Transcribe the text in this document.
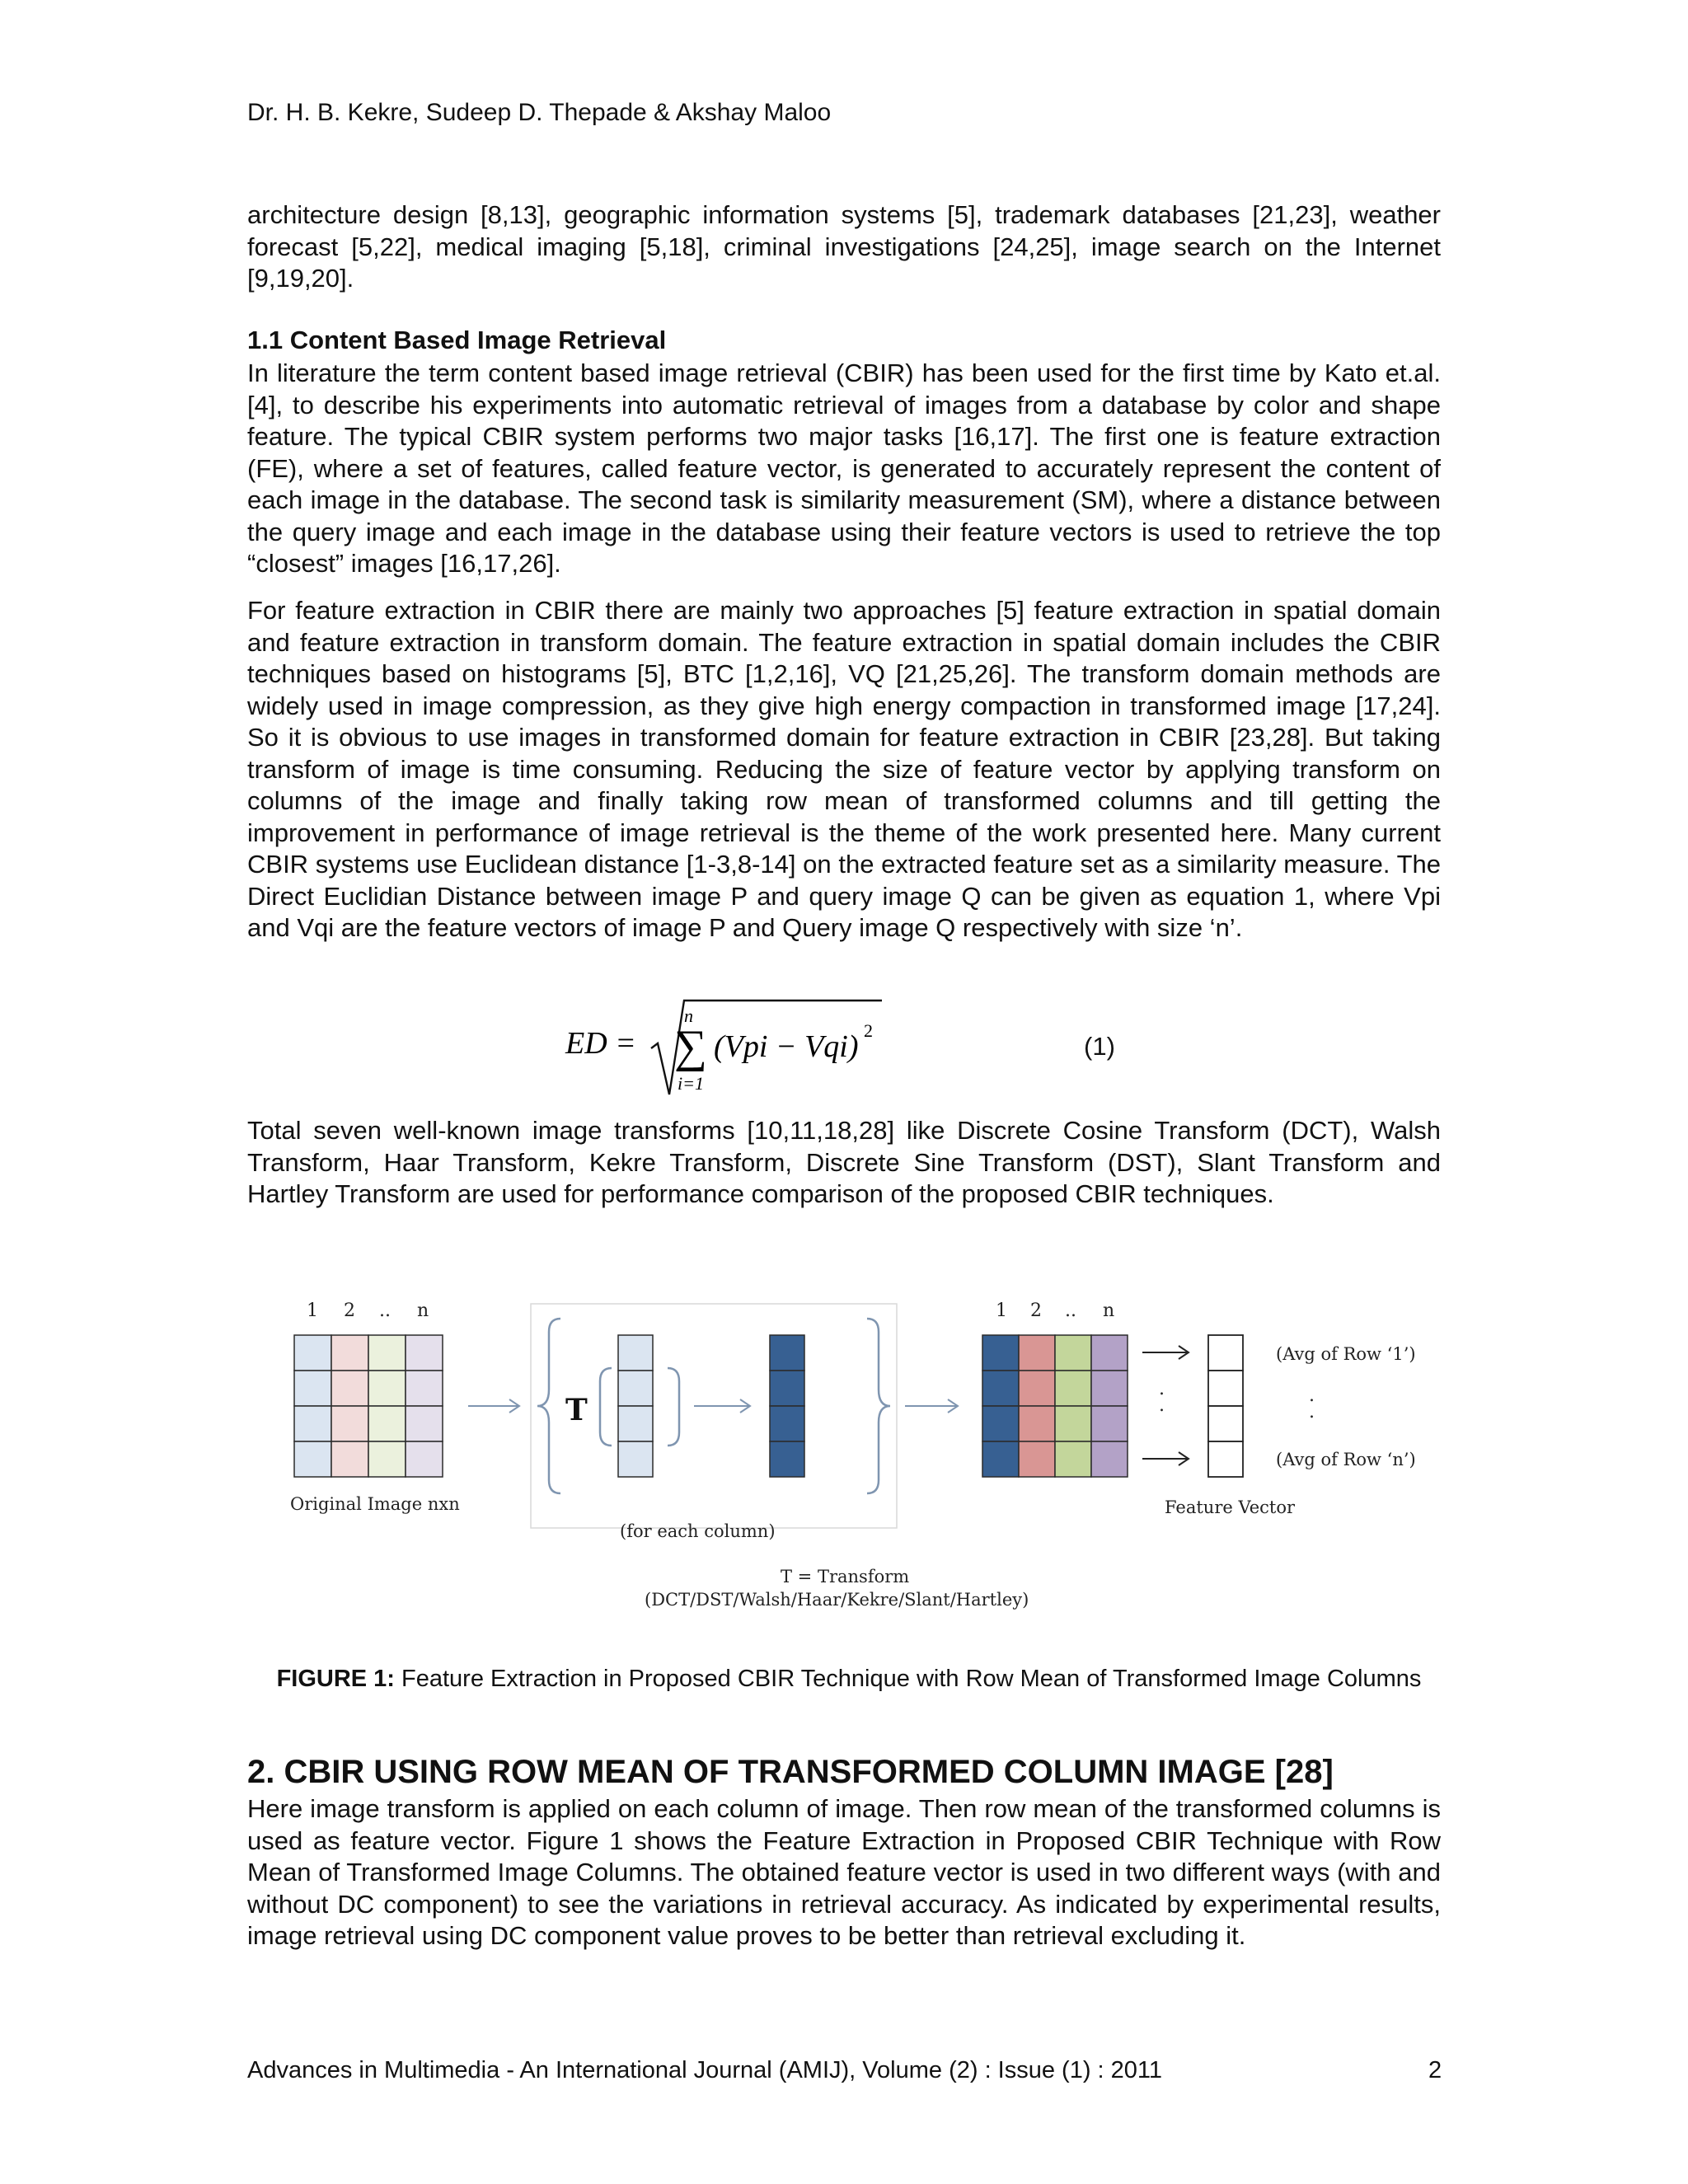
Dr. H. B. Kekre, Sudeep D. Thepade & Akshay Maloo

architecture design [8,13], geographic information systems [5], trademark databases [21,23], weather forecast [5,22], medical imaging [5,18], criminal investigations [24,25], image search on the Internet [9,19,20].

1.1 Content Based Image Retrieval

In literature the term content based image retrieval (CBIR) has been used for the first time by Kato et.al. [4], to describe his experiments into automatic retrieval of images from a database by color and shape feature. The typical CBIR system performs two major tasks [16,17]. The first one is feature extraction (FE), where a set of features, called feature vector, is generated to accurately represent the content of each image in the database. The second task is similarity measurement (SM), where a distance between the query image and each image in the database using their feature vectors is used to retrieve the top “closest” images [16,17,26].

For feature extraction in CBIR there are mainly two approaches [5] feature extraction in spatial domain and feature extraction in transform domain. The feature extraction in spatial domain includes the CBIR techniques based on histograms [5], BTC [1,2,16], VQ [21,25,26]. The transform domain methods are widely used in image compression, as they give high energy compaction in transformed image [17,24]. So it is obvious to use images in transformed domain for feature extraction in CBIR [23,28]. But taking transform of image is time consuming. Reducing the size of feature vector by applying transform on columns of the image and finally taking row mean of transformed columns and till getting the improvement in performance of image retrieval is the theme of the work presented here. Many current CBIR systems use Euclidean distance [1-3,8-14] on the extracted feature set as a similarity measure. The Direct Euclidian Distance between image P and query image Q can be given as equation 1, where Vpi and Vqi are the feature vectors of image P and Query image Q respectively with size ‘n’.

ED =
n
∑
i=1
(Vpi − Vqi) 2
(1)

Total seven well-known image transforms [10,11,18,28] like Discrete Cosine Transform (DCT), Walsh Transform, Haar Transform, Kekre Transform, Discrete Sine Transform (DST), Slant Transform and Hartley Transform are used for performance comparison of the proposed CBIR techniques.

1 2 .. n
Original Image nxn
T
(for each column)
1 2 .. n
.
.
(Avg of Row ‘1’)
.
.
(Avg of Row ‘n’)
Feature Vector
T = Transform
(DCT/DST/Walsh/Haar/Kekre/Slant/Hartley)
FIGURE 1: Feature Extraction in Proposed CBIR Technique with Row Mean of Transformed Image Columns
2. CBIR USING ROW MEAN OF TRANSFORMED COLUMN IMAGE [28]

Here image transform is applied on each column of image. Then row mean of the transformed columns is used as feature vector. Figure 1 shows the Feature Extraction in Proposed CBIR Technique with Row Mean of Transformed Image Columns. The obtained feature vector is used in two different ways (with and without DC component) to see the variations in retrieval accuracy. As indicated by experimental results, image retrieval using DC component value proves to be better than retrieval excluding it.

Advances in Multimedia - An International Journal (AMIJ), Volume (2) : Issue (1) : 2011	2
